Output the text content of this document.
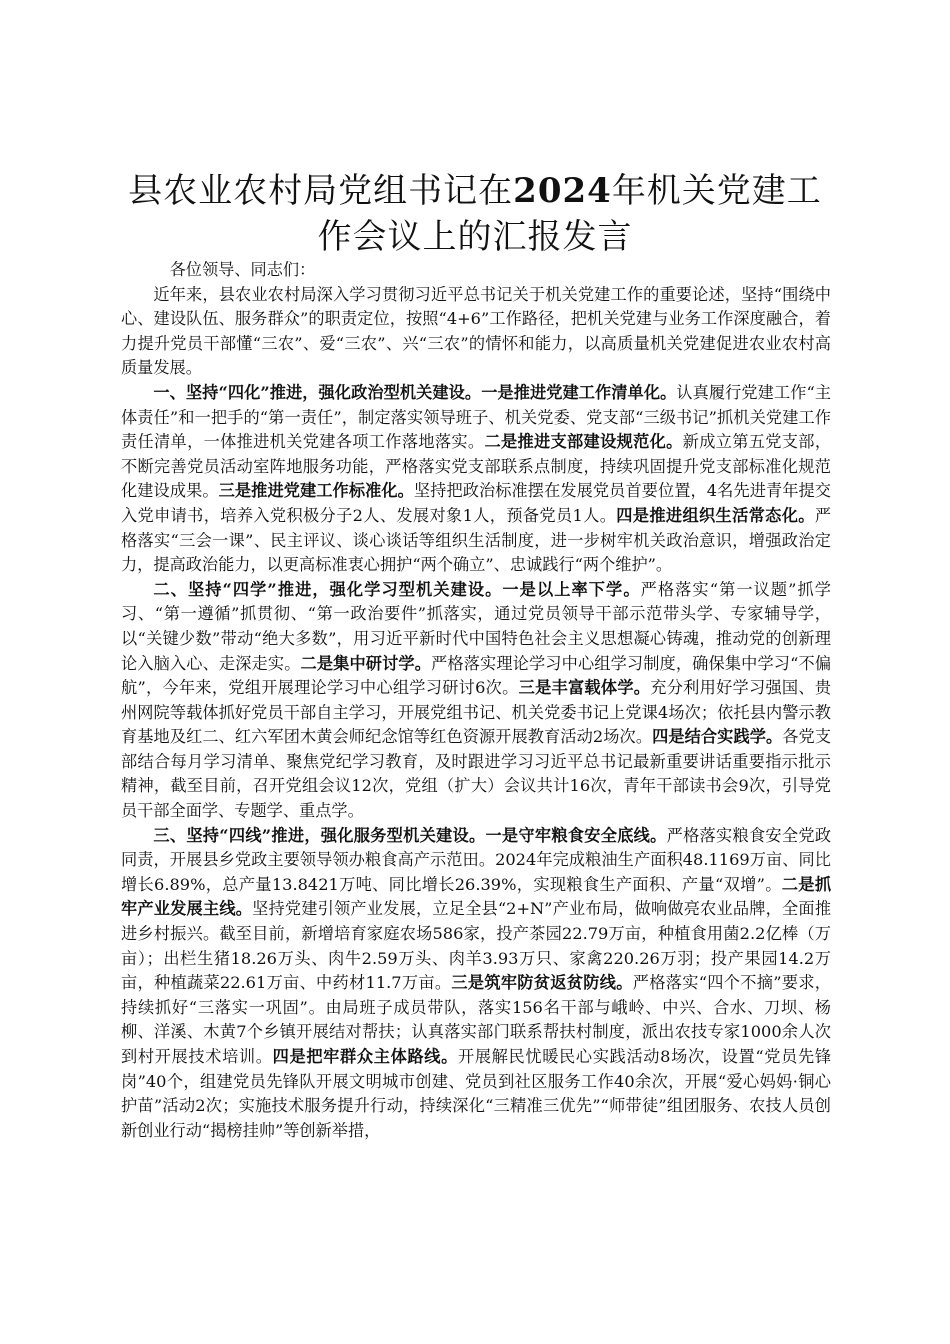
县农业农村局党组书记在2024年机关党建工作会议上的汇报发言

各位领导、同志们：

近年来，县农业农村局深入学习贯彻习近平总书记关于机关党建工作的重要论述，坚持“围绕中心、建设队伍、服务群众”的职责定位，按照“4+6”工作路径，把机关党建与业务工作深度融合，着力提升党员干部懂“三农”、爱“三农”、兴“三农”的情怀和能力，以高质量机关党建促进农业农村高质量发展。

一、坚持“四化”推进，强化政治型机关建设。一是推进党建工作清单化。认真履行党建工作“主体责任”和一把手的“第一责任”，制定落实领导班子、机关党委、党支部“三级书记”抓机关党建工作责任清单，一体推进机关党建各项工作落地落实。二是推进支部建设规范化。新成立第五党支部，不断完善党员活动室阵地服务功能，严格落实党支部联系点制度，持续巩固提升党支部标准化规范化建设成果。三是推进党建工作标准化。坚持把政治标准摆在发展党员首要位置，4名先进青年提交入党申请书，培养入党积极分子2人、发展对象1人，预备党员1人。四是推进组织生活常态化。严格落实“三会一课”、民主评议、谈心谈话等组织生活制度，进一步树牢机关政治意识，增强政治定力，提高政治能力，以更高标准衷心拥护“两个确立”、忠诚践行“两个维护”。

二、坚持“四学”推进，强化学习型机关建设。一是以上率下学。严格落实“第一议题”抓学习、“第一遵循”抓贯彻、“第一政治要件”抓落实，通过党员领导干部示范带头学、专家辅导学，以“关键少数”带动“绝大多数”，用习近平新时代中国特色社会主义思想凝心铸魂，推动党的创新理论入脑入心、走深走实。二是集中研讨学。严格落实理论学习中心组学习制度，确保集中学习“不偏航”，今年来，党组开展理论学习中心组学习研讨6次。三是丰富载体学。充分利用好学习强国、贵州网院等载体抓好党员干部自主学习，开展党组书记、机关党委书记上党课4场次；依托县内警示教育基地及红二、红六军团木黄会师纪念馆等红色资源开展教育活动2场次。四是结合实践学。各党支部结合每月学习清单、聚焦党纪学习教育，及时跟进学习习近平总书记最新重要讲话重要指示批示精神，截至目前，召开党组会议12次，党组（扩大）会议共计16次，青年干部读书会9次，引导党员干部全面学、专题学、重点学。

三、坚持“四线”推进，强化服务型机关建设。一是守牢粮食安全底线。严格落实粮食安全党政同责，开展县乡党政主要领导领办粮食高产示范田。2024年完成粮油生产面积48.1169万亩、同比增长6.89%，总产量13.8421万吨、同比增长26.39%，实现粮食生产面积、产量“双增”。二是抓牢产业发展主线。坚持党建引领产业发展，立足全县“2+N”产业布局，做响做亮农业品牌，全面推进乡村振兴。截至目前，新增培育家庭农场586家，投产茶园22.79万亩，种植食用菌2.2亿棒（万亩）；出栏生猪18.26万头、肉牛2.59万头、肉羊3.93万只、家禽220.26万羽；投产果园14.2万亩，种植蔬菜22.61万亩、中药材11.7万亩。三是筑牢防贫返贫防线。严格落实“四个不摘”要求，持续抓好“三落实一巩固”。由局班子成员带队，落实156名干部与峨岭、中兴、合水、刀坝、杨柳、洋溪、木黄7个乡镇开展结对帮扶；认真落实部门联系帮扶村制度，派出农技专家1000余人次到村开展技术培训。四是把牢群众主体路线。开展解民忧暖民心实践活动8场次，设置“党员先锋岗”40个，组建党员先锋队开展文明城市创建、党员到社区服务工作40余次，开展“爱心妈妈·铜心护苗”活动2次；实施技术服务提升行动，持续深化“三精准三优先”“师带徒”组团服务、农技人员创新创业行动“揭榜挂帅”等创新举措，
